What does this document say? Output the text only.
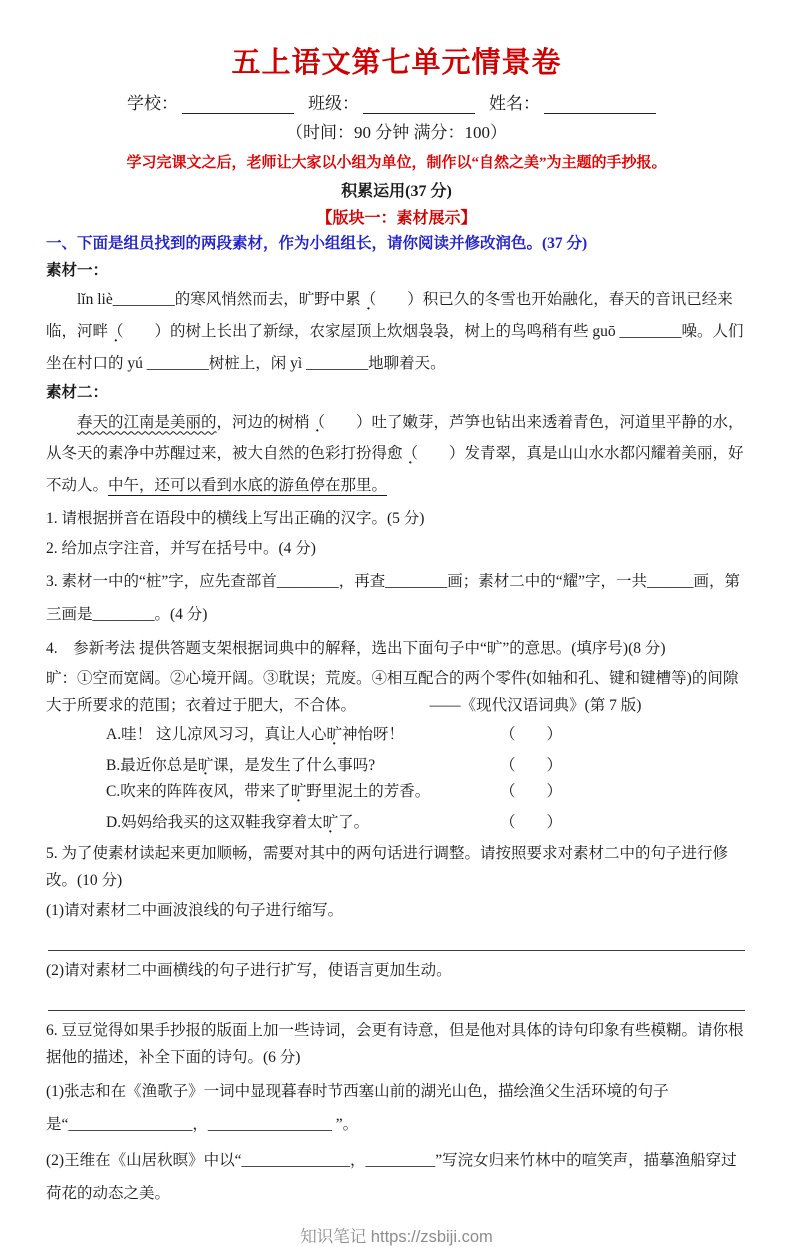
五上语文第七单元情景卷
学校：	班级：	姓名：
（时间：90 分钟 满分：100）
学习完课文之后，老师让大家以小组为单位，制作以“自然之美”为主题的手抄报。
积累运用(37 分)
【版块一：素材展示】
一、下面是组员找到的两段素材，作为小组组长，请你阅读并修改润色。(37 分)
素材一：

lǐn liè________的寒风悄然而去，旷野中累（　　）积已久的冬雪也开始融化，春天的音讯已经来临，河畔（　　）的树上长出了新绿，农家屋顶上炊烟袅袅，树上的鸟鸣稍有些 guō ________噪。人们坐在村口的 yú ________树桩上，闲 yì ________地聊着天。

素材二：

春天的江南是美丽的，河边的树梢（　　）吐了嫩芽，芦笋也钻出来透着青色，河道里平静的水，从冬天的素净中苏醒过来，被大自然的色彩打扮得愈（　　）发青翠，真是山山水水都闪耀着美丽，好不动人。中午，还可以看到水底的游鱼停在那里。

1. 请根据拼音在语段中的横线上写出正确的汉字。(5 分)
2. 给加点字注音，并写在括号中。(4 分)
3. 素材一中的“桩”字，应先查部首________，再查________画；素材二中的“耀”字，一共______画，第三画是________。(4 分)
4.　参新考法 提供答题支架根据词典中的解释，选出下面句子中“旷”的意思。(填序号)(8 分)
旷：①空而宽阔。②心境开阔。③耽误；荒废。④相互配合的两个零件(如轴和孔、键和键槽等)的间隙大于所要求的范围；衣着过于肥大，不合体。	——《现代汉语词典》(第 7 版)
A.哇！ 这儿凉风习习，真让人心旷神怡呀！	（　　）
B.最近你总是旷课，是发生了什么事吗?	（　　）
C.吹来的阵阵夜风，带来了旷野里泥土的芳香。	（　　）
D.妈妈给我买的这双鞋我穿着太旷了。	（　　）
5. 为了使素材读起来更加顺畅，需要对其中的两句话进行调整。请按照要求对素材二中的句子进行修改。(10 分)
(1)请对素材二中画波浪线的句子进行缩写。
(2)请对素材二中画横线的句子进行扩写，使语言更加生动。
6. 豆豆觉得如果手抄报的版面上加一些诗词，会更有诗意，但是他对具体的诗句印象有些模糊。请你根据他的描述，补全下面的诗句。(6 分)
(1)张志和在《渔歌子》一词中显现暮春时节西塞山前的湖光山色，描绘渔父生活环境的句子是“________________，________________ ”。
(2)王维在《山居秋暝》中以“______________，_________”写浣女归来竹林中的喧笑声，描摹渔船穿过荷花的动态之美。
知识笔记 https://zsbiji.com
